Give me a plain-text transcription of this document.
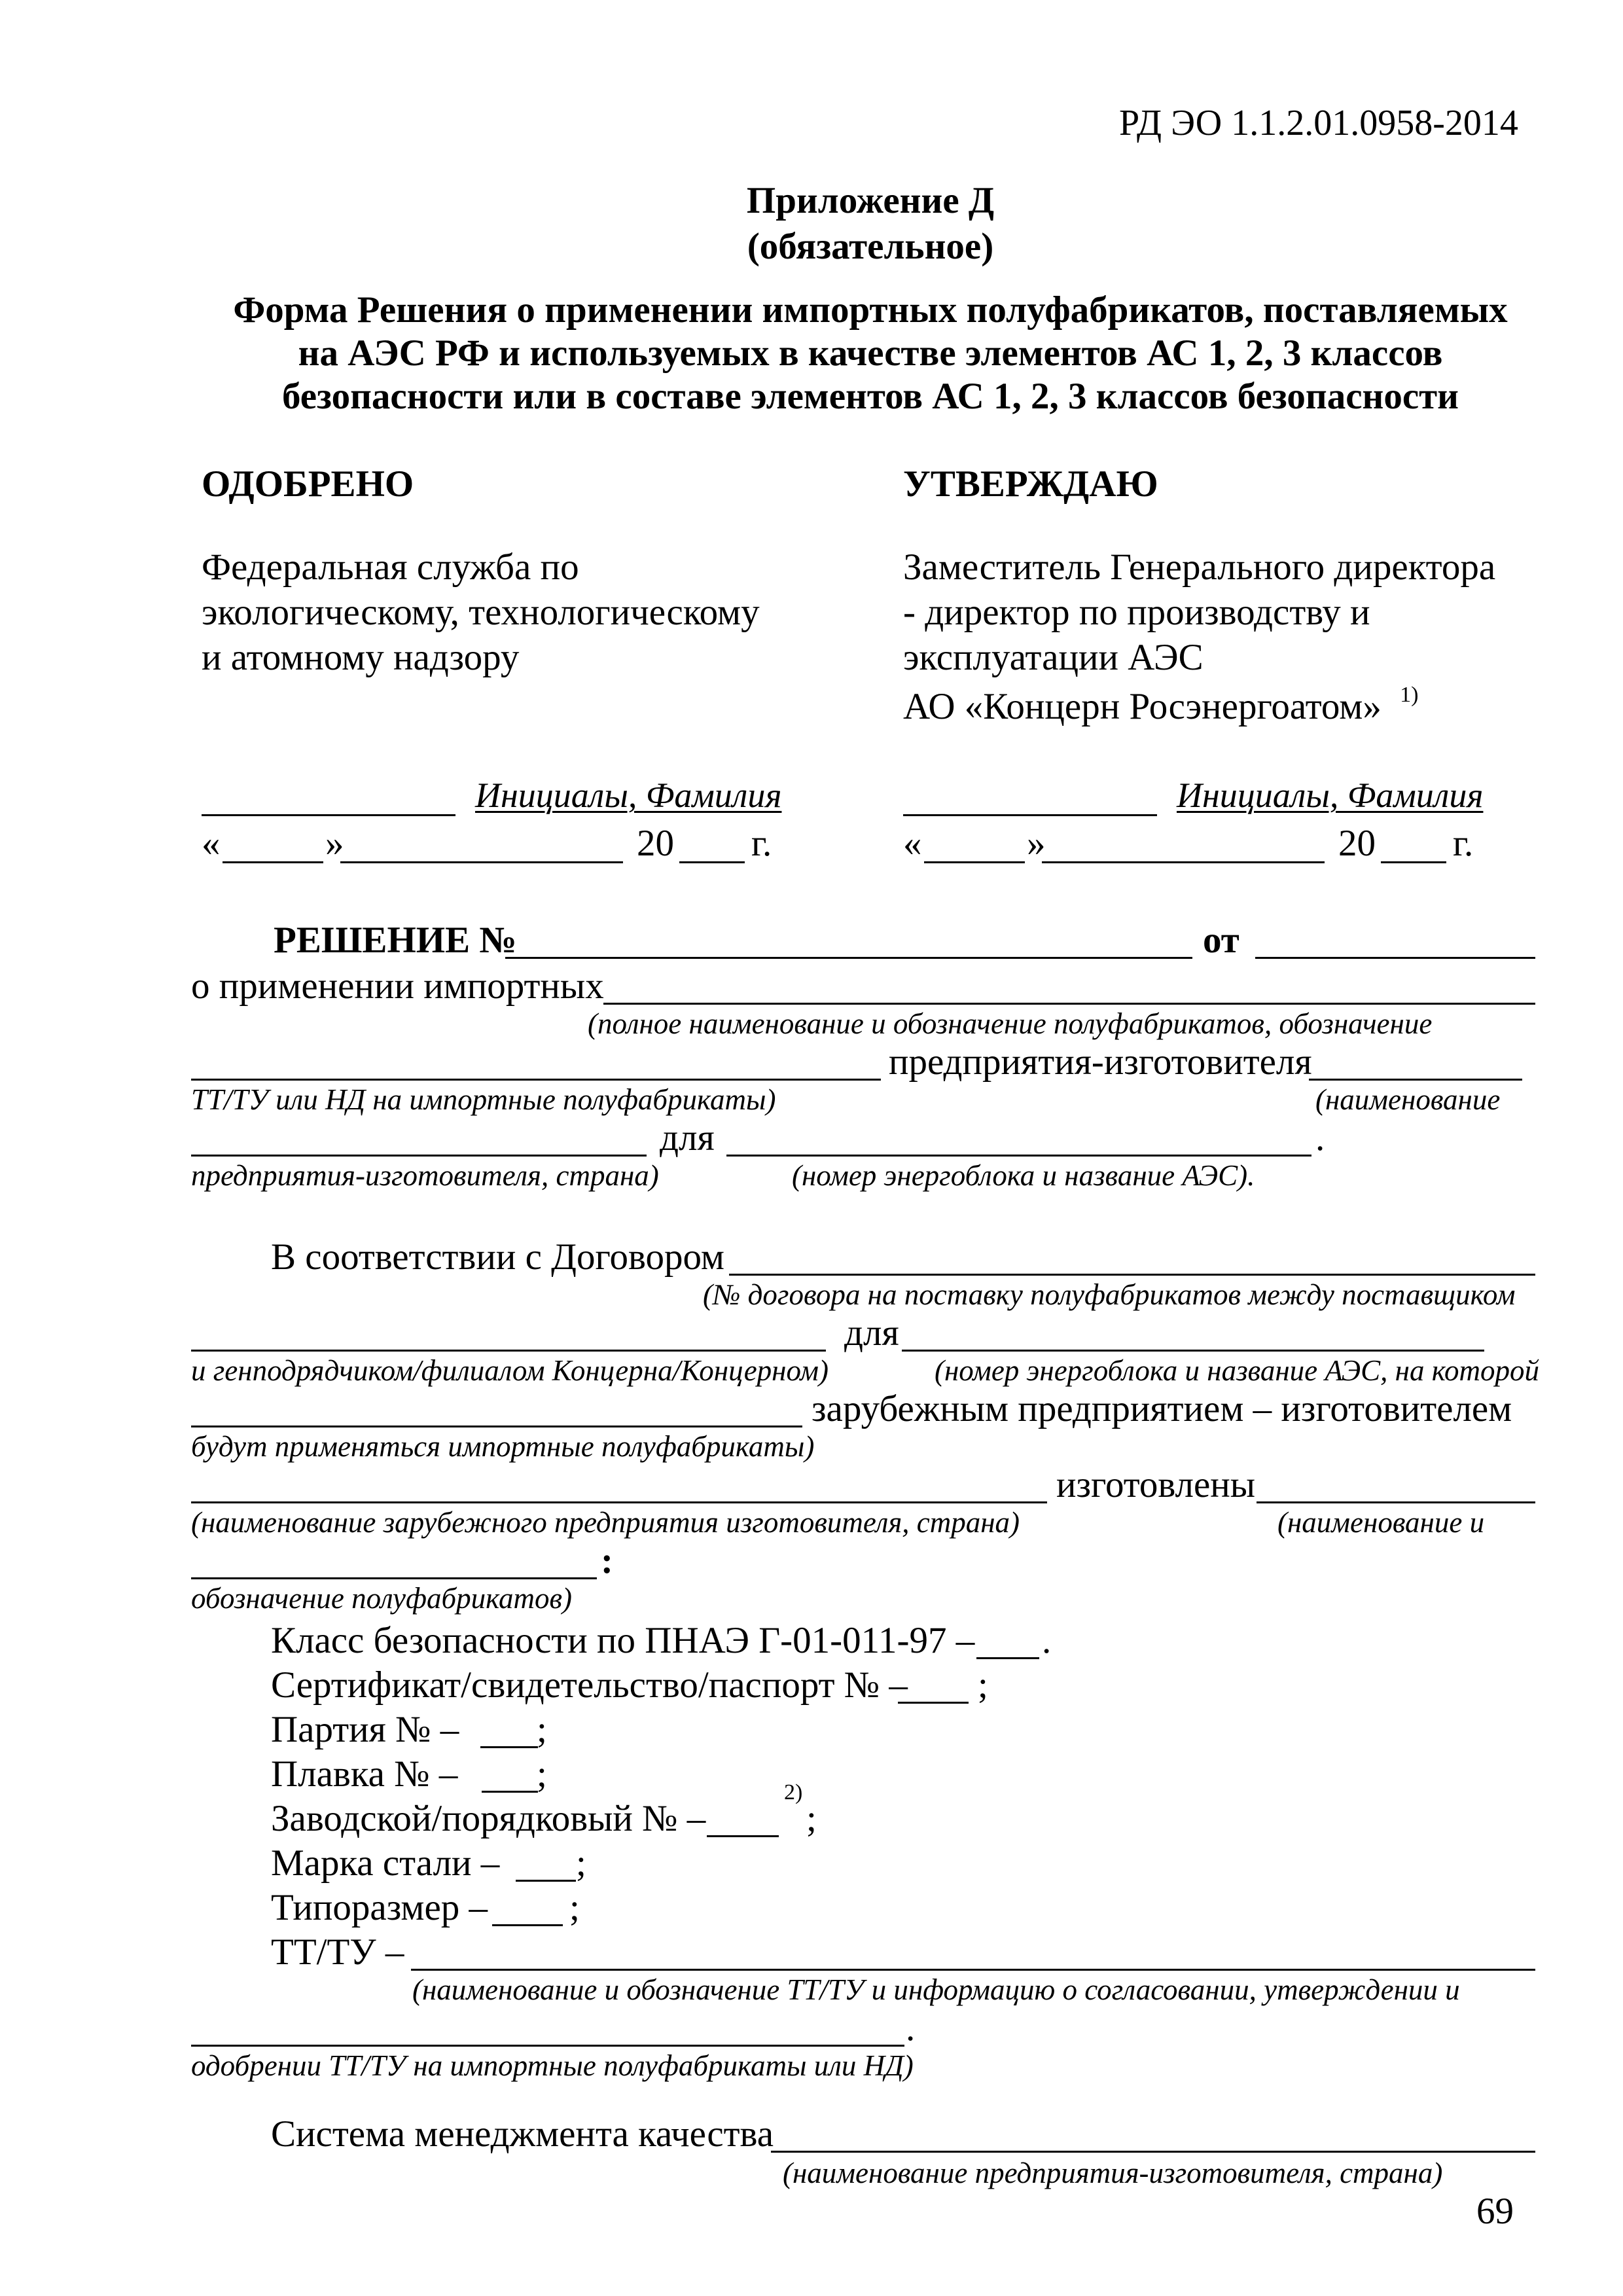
РД ЭО 1.1.2.01.0958-2014
Приложение Д
(обязательное)
Форма Решения о применении импортных полуфабрикатов, поставляемых
на АЭС РФ и используемых в качестве элементов АС 1, 2, 3 классов
безопасности или в составе элементов АС 1, 2, 3 классов безопасности
ОДОБРЕНО
Федеральная служба по
экологическому, технологическому
и атомному надзору
Инициалы, Фамилия
«	»	20 г.
УТВЕРЖДАЮ
Заместитель Генерального директора
- директор по производству и
эксплуатации АЭС
АО «Концерн Росэнергоатом» $^{1)}$
Инициалы, Фамилия
«	»	20 г.
РЕШЕНИЕ №	от
о применении импортных
(полное наименование и обозначение полуфабрикатов, обозначение
предприятия-изготовителя
ТТ/ТУ или НД на импортные полуфабрикаты)	(наименование
для	.
предприятия-изготовителя, страна)	(номер энергоблока и название АЭС).
В соответствии с Договором
(№ договора на поставку полуфабрикатов между поставщиком
для
и генподрядчиком/филиалом Концерна/Концерном)	(номер энергоблока и название АЭС, на которой
зарубежным предприятием – изготовителем
будут применяться импортные полуфабрикаты)
изготовлены
(наименование зарубежного предприятия изготовителя, страна)	(наименование и
:
обозначение полуфабрикатов)
Класс безопасности по ПНАЭ Г-01-011-97 – .
Сертификат/свидетельство/паспорт № – ;
Партия № – ;
Плавка № – ;
Заводской/порядковый № –
2)
;
Марка стали – ;
Типоразмер – ;
ТТ/ТУ –
(наименование и обозначение ТТ/ТУ и информацию о согласовании, утверждении и
.
одобрении ТТ/ТУ на импортные полуфабрикаты или НД)
Система менеджмента качества
(наименование предприятия-изготовителя, страна)
69
